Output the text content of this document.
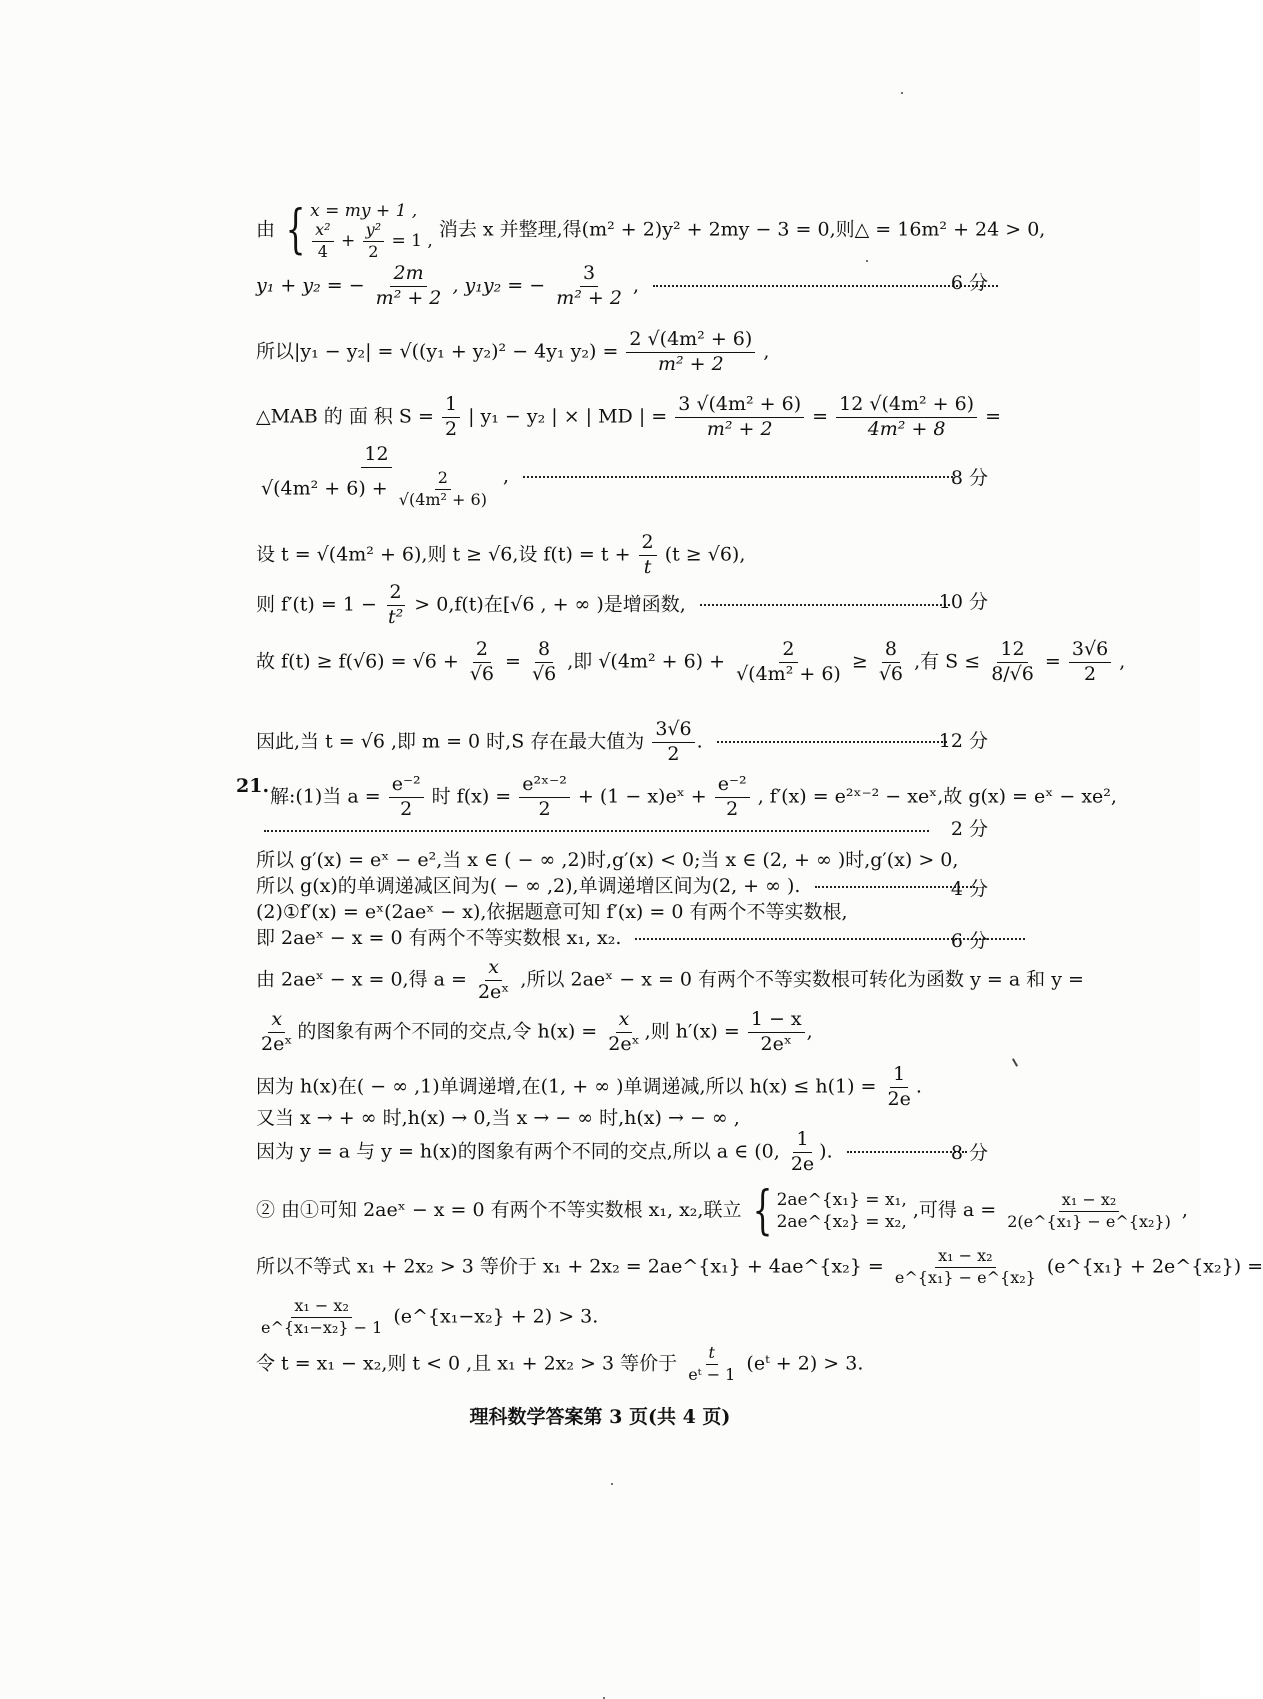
由 { x = my + 1 ,
$\frac{\text{x²}}{4} + \frac{\text{y²}}{2} = 1$ ,
消去 x 并整理,得(m² + 2)y² + 2my − 3 = 0,则△ = 16m² + 24 > 0,
y₁ + y₂ = − $\frac{2m}{\text{m² + 2}}$ , y₁y₂ = − $\frac{3}{\text{m² + 2}}$ ,	6 分
所以|y₁ − y₂| = √((y₁ + y₂)² − 4y₁ $y_2) = \frac{\text{2 √(4m² + 6)}}{\text{m² + 2}}$ ,
△MAB 的 面 积 $S = \frac{1}{2}$ | y₁ − y₂ | × | MD | = $\frac{\text{3 √(4m² + 6)}}{\text{m² + 2}} = \frac{\text{12 √(4m² + 6)}}{\text{4m² + 8}}$ =
$\frac{12}{√(4m^2 + 6) + \frac{2}{\text{√(4m² + 6)}}}$ ,	8 分
设 t = √(4m² + 6),则 t ≥ √6,设 $f(t) = t + \frac{2}{t} (t \ge √6)$,
则 $f'(t) = 1 - \frac{2}{\text{t²}} > 0,f(t)$在[√6 , + ∞ )是增函数,	10 分
故 $f(t) \ge f(√6) = √6 + \frac{2}{√6} = \frac{8}{√6}$ ,即 $√(4m^2 + 6) + \frac{2}{\text{√(4m² + 6)}} \ge \frac{8}{√6}$ ,有 $S \le \frac{12}{8/√6} = \frac{3√6}{2}$ ,
因此,当 t = √6 ,即 m = 0 时,S 存在最大值为 $\frac{3√6}{2}$ .	12 分
21. 解:(1)当 $a = \frac{\text{e⁻²}}{2}$ 时 $f(x) = \frac{\text{e²ˣ⁻²}}{2} + (1$ − x)eˣ + $\frac{\text{e⁻²}}{2}$ , f′(x) = e²ˣ⁻² − xeˣ,故 g(x) = eˣ − xe²,
2 分
所以 g′(x) = eˣ − e²,当 x ∈ ( − ∞ ,2)时,g′(x) < 0;当 x ∈ (2, + ∞ )时,g′(x) > 0,
所以 g(x)的单调递减区间为( − ∞ ,2),单调递增区间为(2, + ∞ ).	4 分
(2)①f′(x) = eˣ(2aeˣ − x),依据题意可知 f′(x) = 0 有两个不等实数根,
即 2aeˣ − x = 0 有两个不等实数根 x₁, x₂.	6 分
由 2aeˣ − x = 0,得 $a = \frac{x}{\text{2eˣ}}$ ,所以 2aeˣ − x = 0 有两个不等实数根可转化为函数 y = a 和 y =
$\frac{x}{\text{2eˣ}}$ 的图象有两个不同的交点,令 $h(x) = \frac{x}{\text{2eˣ}}$ ,则 $h'(x) = \frac{1 - x}{\text{2eˣ}}$ ,
因为 h(x)在( − ∞ ,1)单调递增,在(1, + ∞ )单调递减,所以 $h(x) \le h(1) = \frac{1}{2e}$ .
又当 x → + ∞ 时,h(x) → 0,当 x → − ∞ 时,h(x) → − ∞ ,
因为 y = a 与 y = h(x)的图象有两个不同的交点,所以 a ∈ (0, $\frac{1}{2e}$ ).	8 分
② 由①可知 2aeˣ − x = 0 有两个不等实数根 x₁, x₂,联立 { 2ae^{x₁} = x₁,
2ae^{x₂} = x₂,
,可得 $a = \frac{\text{x₁ − x₂}}{\text{2(e\textasciicircum{}\{x₁\} − e\textasciicircum{}\{x₂\})}}$ ,
所以不等式 x₁ + 2x₂ > 3 等价于 x₁ + 2x₂ = 2ae^{x₁} + 4ae^{x₂} = $\frac{\text{x₁ − x₂}}{\text{e\textasciicircum{}\{x₁\} − e\textasciicircum{}\{x₂\}}}$ (e^{x₁} + 2e^{x₂}) =
$\frac{\text{x₁ − x₂}}{\text{e\textasciicircum{}\{x₁−x₂\} − 1}}$ (e^{x₁−x₂} + 2) > 3.
令 t = x₁ − x₂,则 t < 0 ,且 x₁ + 2x₂ > 3 等价于 $\frac{t}{\text{eᵗ − 1}}$ (eᵗ + 2) > 3.
理科数学答案第 3 页(共 4 页)
